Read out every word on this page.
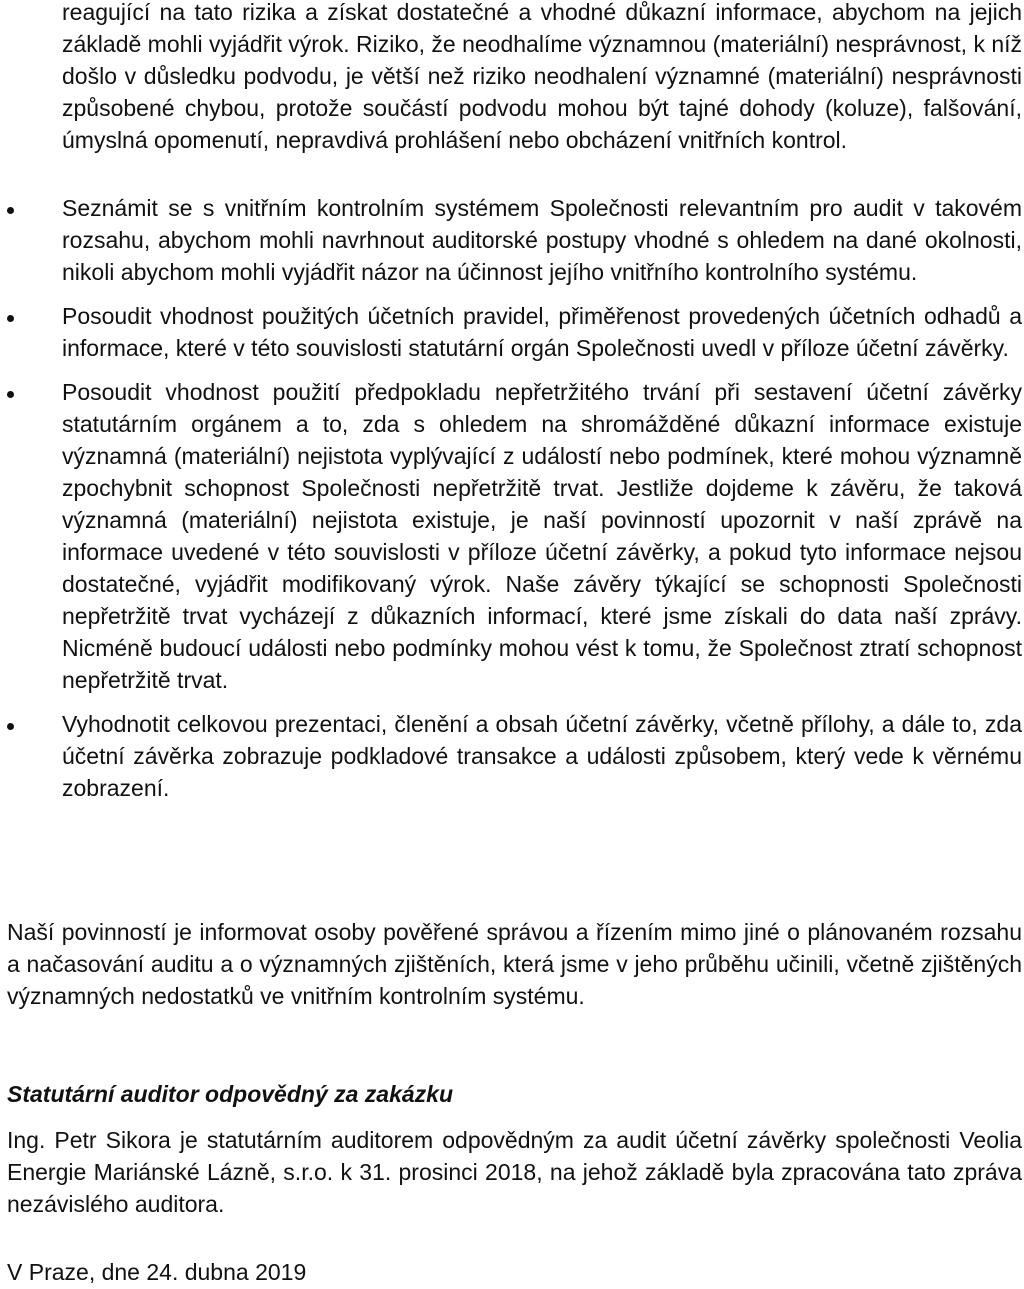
reagující na tato rizika a získat dostatečné a vhodné důkazní informace, abychom na jejich základě mohli vyjádřit výrok. Riziko, že neodhalíme významnou (materiální) nesprávnost, k níž došlo v důsledku podvodu, je větší než riziko neodhalení významné (materiální) nesprávnosti způsobené chybou, protože součástí podvodu mohou být tajné dohody (koluze), falšování, úmyslná opomenutí, nepravdivá prohlášení nebo obcházení vnitřních kontrol.

Seznámit se s vnitřním kontrolním systémem Společnosti relevantním pro audit v takovém rozsahu, abychom mohli navrhnout auditorské postupy vhodné s ohledem na dané okolnosti, nikoli abychom mohli vyjádřit názor na účinnost jejího vnitřního kontrolního systému.

Posoudit vhodnost použitých účetních pravidel, přiměřenost provedených účetních odhadů a informace, které v této souvislosti statutární orgán Společnosti uvedl v příloze účetní závěrky.

Posoudit vhodnost použití předpokladu nepřetržitého trvání při sestavení účetní závěrky statutárním orgánem a to, zda s ohledem na shromážděné důkazní informace existuje významná (materiální) nejistota vyplývající z událostí nebo podmínek, které mohou významně zpochybnit schopnost Společnosti nepřetržitě trvat. Jestliže dojdeme k závěru, že taková významná (materiální) nejistota existuje, je naší povinností upozornit v naší zprávě na informace uvedené v této souvislosti v příloze účetní závěrky, a pokud tyto informace nejsou dostatečné, vyjádřit modifikovaný výrok. Naše závěry týkající se schopnosti Společnosti nepřetržitě trvat vycházejí z důkazních informací, které jsme získali do data naší zprávy. Nicméně budoucí události nebo podmínky mohou vést k tomu, že Společnost ztratí schopnost nepřetržitě trvat.

Vyhodnotit celkovou prezentaci, členění a obsah účetní závěrky, včetně přílohy, a dále to, zda účetní závěrka zobrazuje podkladové transakce a události způsobem, který vede k věrnému zobrazení.

Naší povinností je informovat osoby pověřené správou a řízením mimo jiné o plánovaném rozsahu a načasování auditu a o významných zjištěních, která jsme v jeho průběhu učinili, včetně zjištěných významných nedostatků ve vnitřním kontrolním systému.

Statutární auditor odpovědný za zakázku

Ing. Petr Sikora je statutárním auditorem odpovědným za audit účetní závěrky společnosti Veolia Energie Mariánské Lázně, s.r.o. k 31. prosinci 2018, na jehož základě byla zpracována tato zpráva nezávislého auditora.

V Praze, dne 24. dubna 2019
